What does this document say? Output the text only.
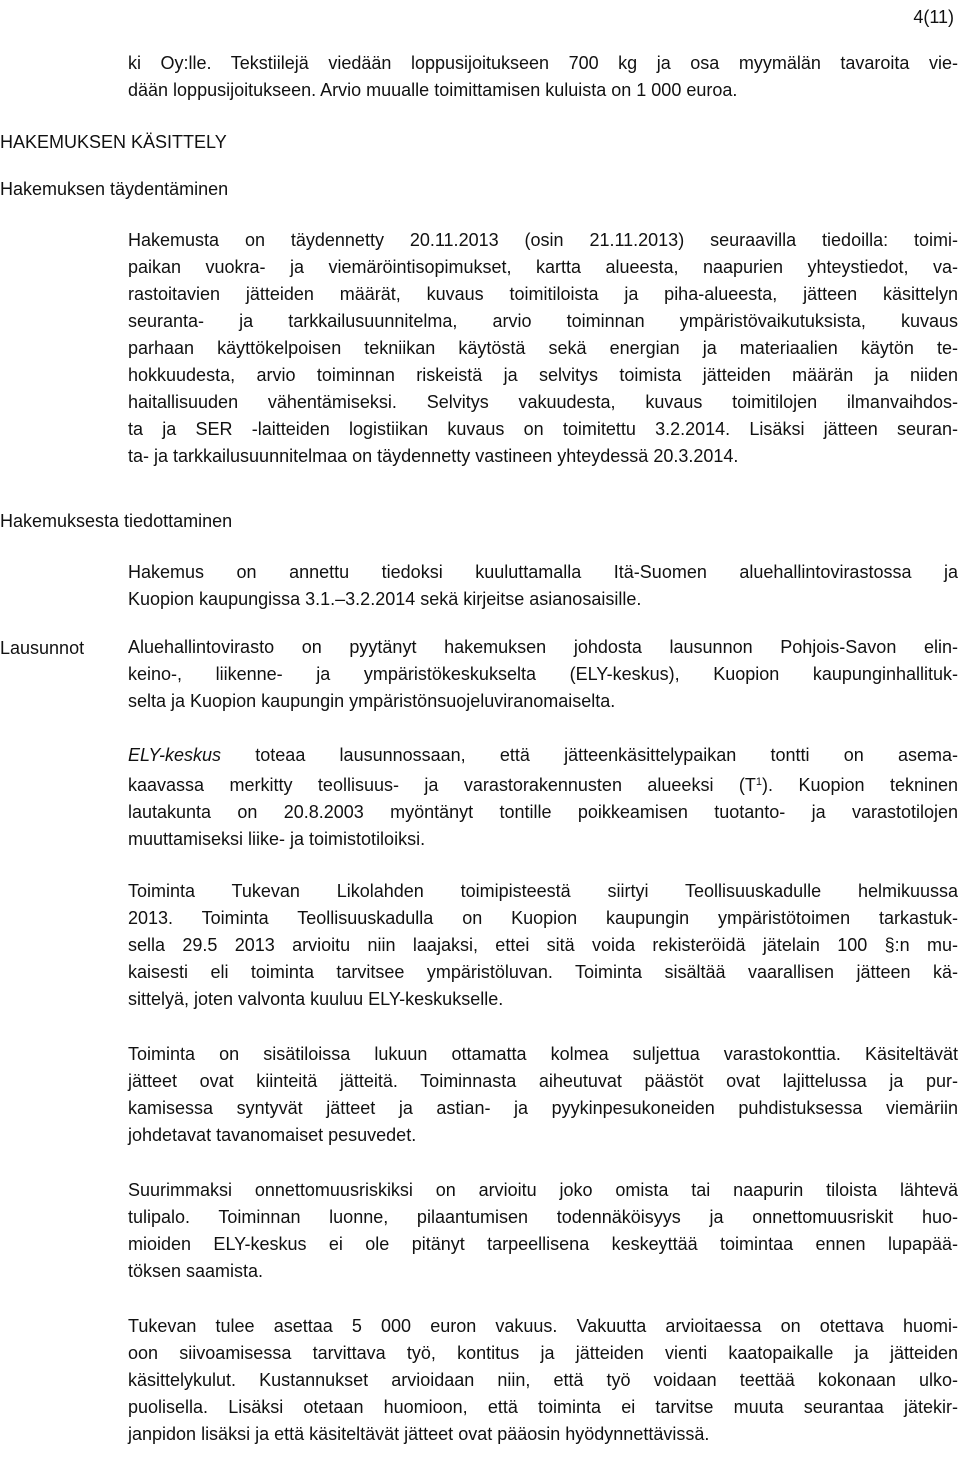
4(11)
ki Oy:lle. Tekstiilejä viedään loppusijoitukseen 700 kg ja osa myymälän tavaroita vie-
dään loppusijoitukseen. Arvio muualle toimittamisen kuluista on 1 000 euroa.
HAKEMUKSEN KÄSITTELY
Hakemuksen täydentäminen
Hakemusta on täydennetty 20.11.2013 (osin 21.11.2013) seuraavilla tiedoilla: toimi-
paikan vuokra- ja viemäröintisopimukset, kartta alueesta, naapurien yhteystiedot, va-
rastoitavien jätteiden määrät, kuvaus toimitiloista ja piha-alueesta, jätteen käsittelyn
seuranta- ja tarkkailusuunnitelma, arvio toiminnan ympäristövaikutuksista, kuvaus
parhaan käyttökelpoisen tekniikan käytöstä sekä energian ja materiaalien käytön te-
hokkuudesta, arvio toiminnan riskeistä ja selvitys toimista jätteiden määrän ja niiden
haitallisuuden vähentämiseksi. Selvitys vakuudesta, kuvaus toimitilojen ilmanvaihdos-
ta ja SER -laitteiden logistiikan kuvaus on toimitettu 3.2.2014. Lisäksi jätteen seuran-
ta- ja tarkkailusuunnitelmaa on täydennetty vastineen yhteydessä 20.3.2014.
Hakemuksesta tiedottaminen
Hakemus on annettu tiedoksi kuuluttamalla Itä-Suomen aluehallintovirastossa ja
Kuopion kaupungissa 3.1.–3.2.2014 sekä kirjeitse asianosaisille.
Lausunnot Aluehallintovirasto on pyytänyt hakemuksen johdosta lausunnon Pohjois-Savon elin-
keino-, liikenne- ja ympäristökeskukselta (ELY-keskus), Kuopion kaupunginhallituk-
selta ja Kuopion kaupungin ympäristönsuojeluviranomaiselta.
ELY-keskus toteaa lausunnossaan, että jätteenkäsittelypaikan tontti on asema-
kaavassa merkitty teollisuus- ja varastorakennusten alueeksi $(T^1)$. Kuopion tekninen
lautakunta on 20.8.2003 myöntänyt tontille poikkeamisen tuotanto- ja varastotilojen
muuttamiseksi liike- ja toimistotiloiksi.
Toiminta Tukevan Likolahden toimipisteestä siirtyi Teollisuuskadulle helmikuussa
2013. Toiminta Teollisuuskadulla on Kuopion kaupungin ympäristötoimen tarkastuk-
sella 29.5 2013 arvioitu niin laajaksi, ettei sitä voida rekisteröidä jätelain 100 §:n mu-
kaisesti eli toiminta tarvitsee ympäristöluvan. Toiminta sisältää vaarallisen jätteen kä-
sittelyä, joten valvonta kuuluu ELY-keskukselle.
Toiminta on sisätiloissa lukuun ottamatta kolmea suljettua varastokonttia. Käsiteltävät
jätteet ovat kiinteitä jätteitä. Toiminnasta aiheutuvat päästöt ovat lajittelussa ja pur-
kamisessa syntyvät jätteet ja astian- ja pyykinpesukoneiden puhdistuksessa viemäriin
johdetavat tavanomaiset pesuvedet.
Suurimmaksi onnettomuusriskiksi on arvioitu joko omista tai naapurin tiloista lähtevä
tulipalo. Toiminnan luonne, pilaantumisen todennäköisyys ja onnettomuusriskit huo-
mioiden ELY-keskus ei ole pitänyt tarpeellisena keskeyttää toimintaa ennen lupapää-
töksen saamista.
Tukevan tulee asettaa 5 000 euron vakuus. Vakuutta arvioitaessa on otettava huomi-
oon siivoamisessa tarvittava työ, kontitus ja jätteiden vienti kaatopaikalle ja jätteiden
käsittelykulut. Kustannukset arvioidaan niin, että työ voidaan teettää kokonaan ulko-
puolisella. Lisäksi otetaan huomioon, että toiminta ei tarvitse muuta seurantaa jätekir-
janpidon lisäksi ja että käsiteltävät jätteet ovat pääosin hyödynnettävissä.
